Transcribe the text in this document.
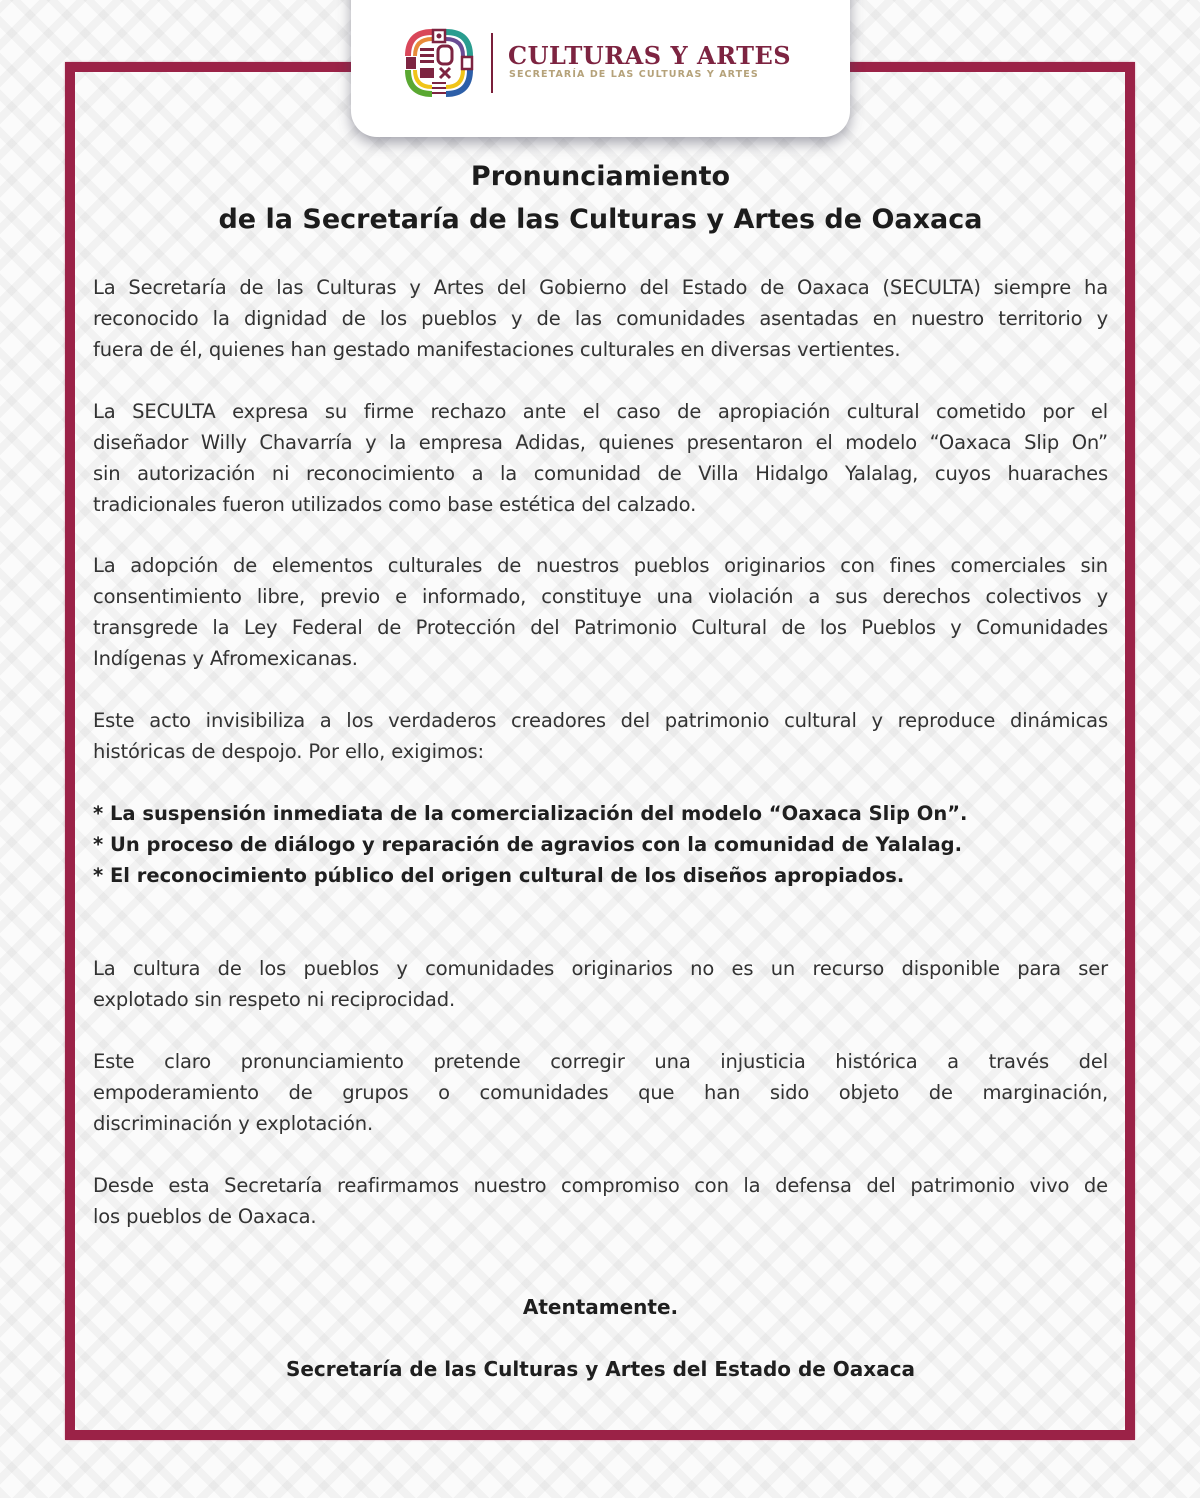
CULTURAS Y ARTES
SECRETARÍA DE LAS CULTURAS Y ARTES
Pronunciamiento
de la Secretaría de las Culturas y Artes de Oaxaca
La Secretaría de las Culturas y Artes del Gobierno del Estado de Oaxaca (SECULTA) siempre ha
reconocido la dignidad de los pueblos y de las comunidades asentadas en nuestro territorio y
fuera de él, quienes han gestado manifestaciones culturales en diversas vertientes.
La SECULTA expresa su firme rechazo ante el caso de apropiación cultural cometido por el
diseñador Willy Chavarría y la empresa Adidas, quienes presentaron el modelo “Oaxaca Slip On”
sin autorización ni reconocimiento a la comunidad de Villa Hidalgo Yalalag, cuyos huaraches
tradicionales fueron utilizados como base estética del calzado.
La adopción de elementos culturales de nuestros pueblos originarios con fines comerciales sin
consentimiento libre, previo e informado, constituye una violación a sus derechos colectivos y
transgrede la Ley Federal de Protección del Patrimonio Cultural de los Pueblos y Comunidades
Indígenas y Afromexicanas.
Este acto invisibiliza a los verdaderos creadores del patrimonio cultural y reproduce dinámicas
históricas de despojo. Por ello, exigimos:
* La suspensión inmediata de la comercialización del modelo “Oaxaca Slip On”.
* Un proceso de diálogo y reparación de agravios con la comunidad de Yalalag.
* El reconocimiento público del origen cultural de los diseños apropiados.
La cultura de los pueblos y comunidades originarios no es un recurso disponible para ser
explotado sin respeto ni reciprocidad.
Este claro pronunciamiento pretende corregir una injusticia histórica a través del
empoderamiento de grupos o comunidades que han sido objeto de marginación,
discriminación y explotación.
Desde esta Secretaría reafirmamos nuestro compromiso con la defensa del patrimonio vivo de
los pueblos de Oaxaca.
Atentamente.
Secretaría de las Culturas y Artes del Estado de Oaxaca
